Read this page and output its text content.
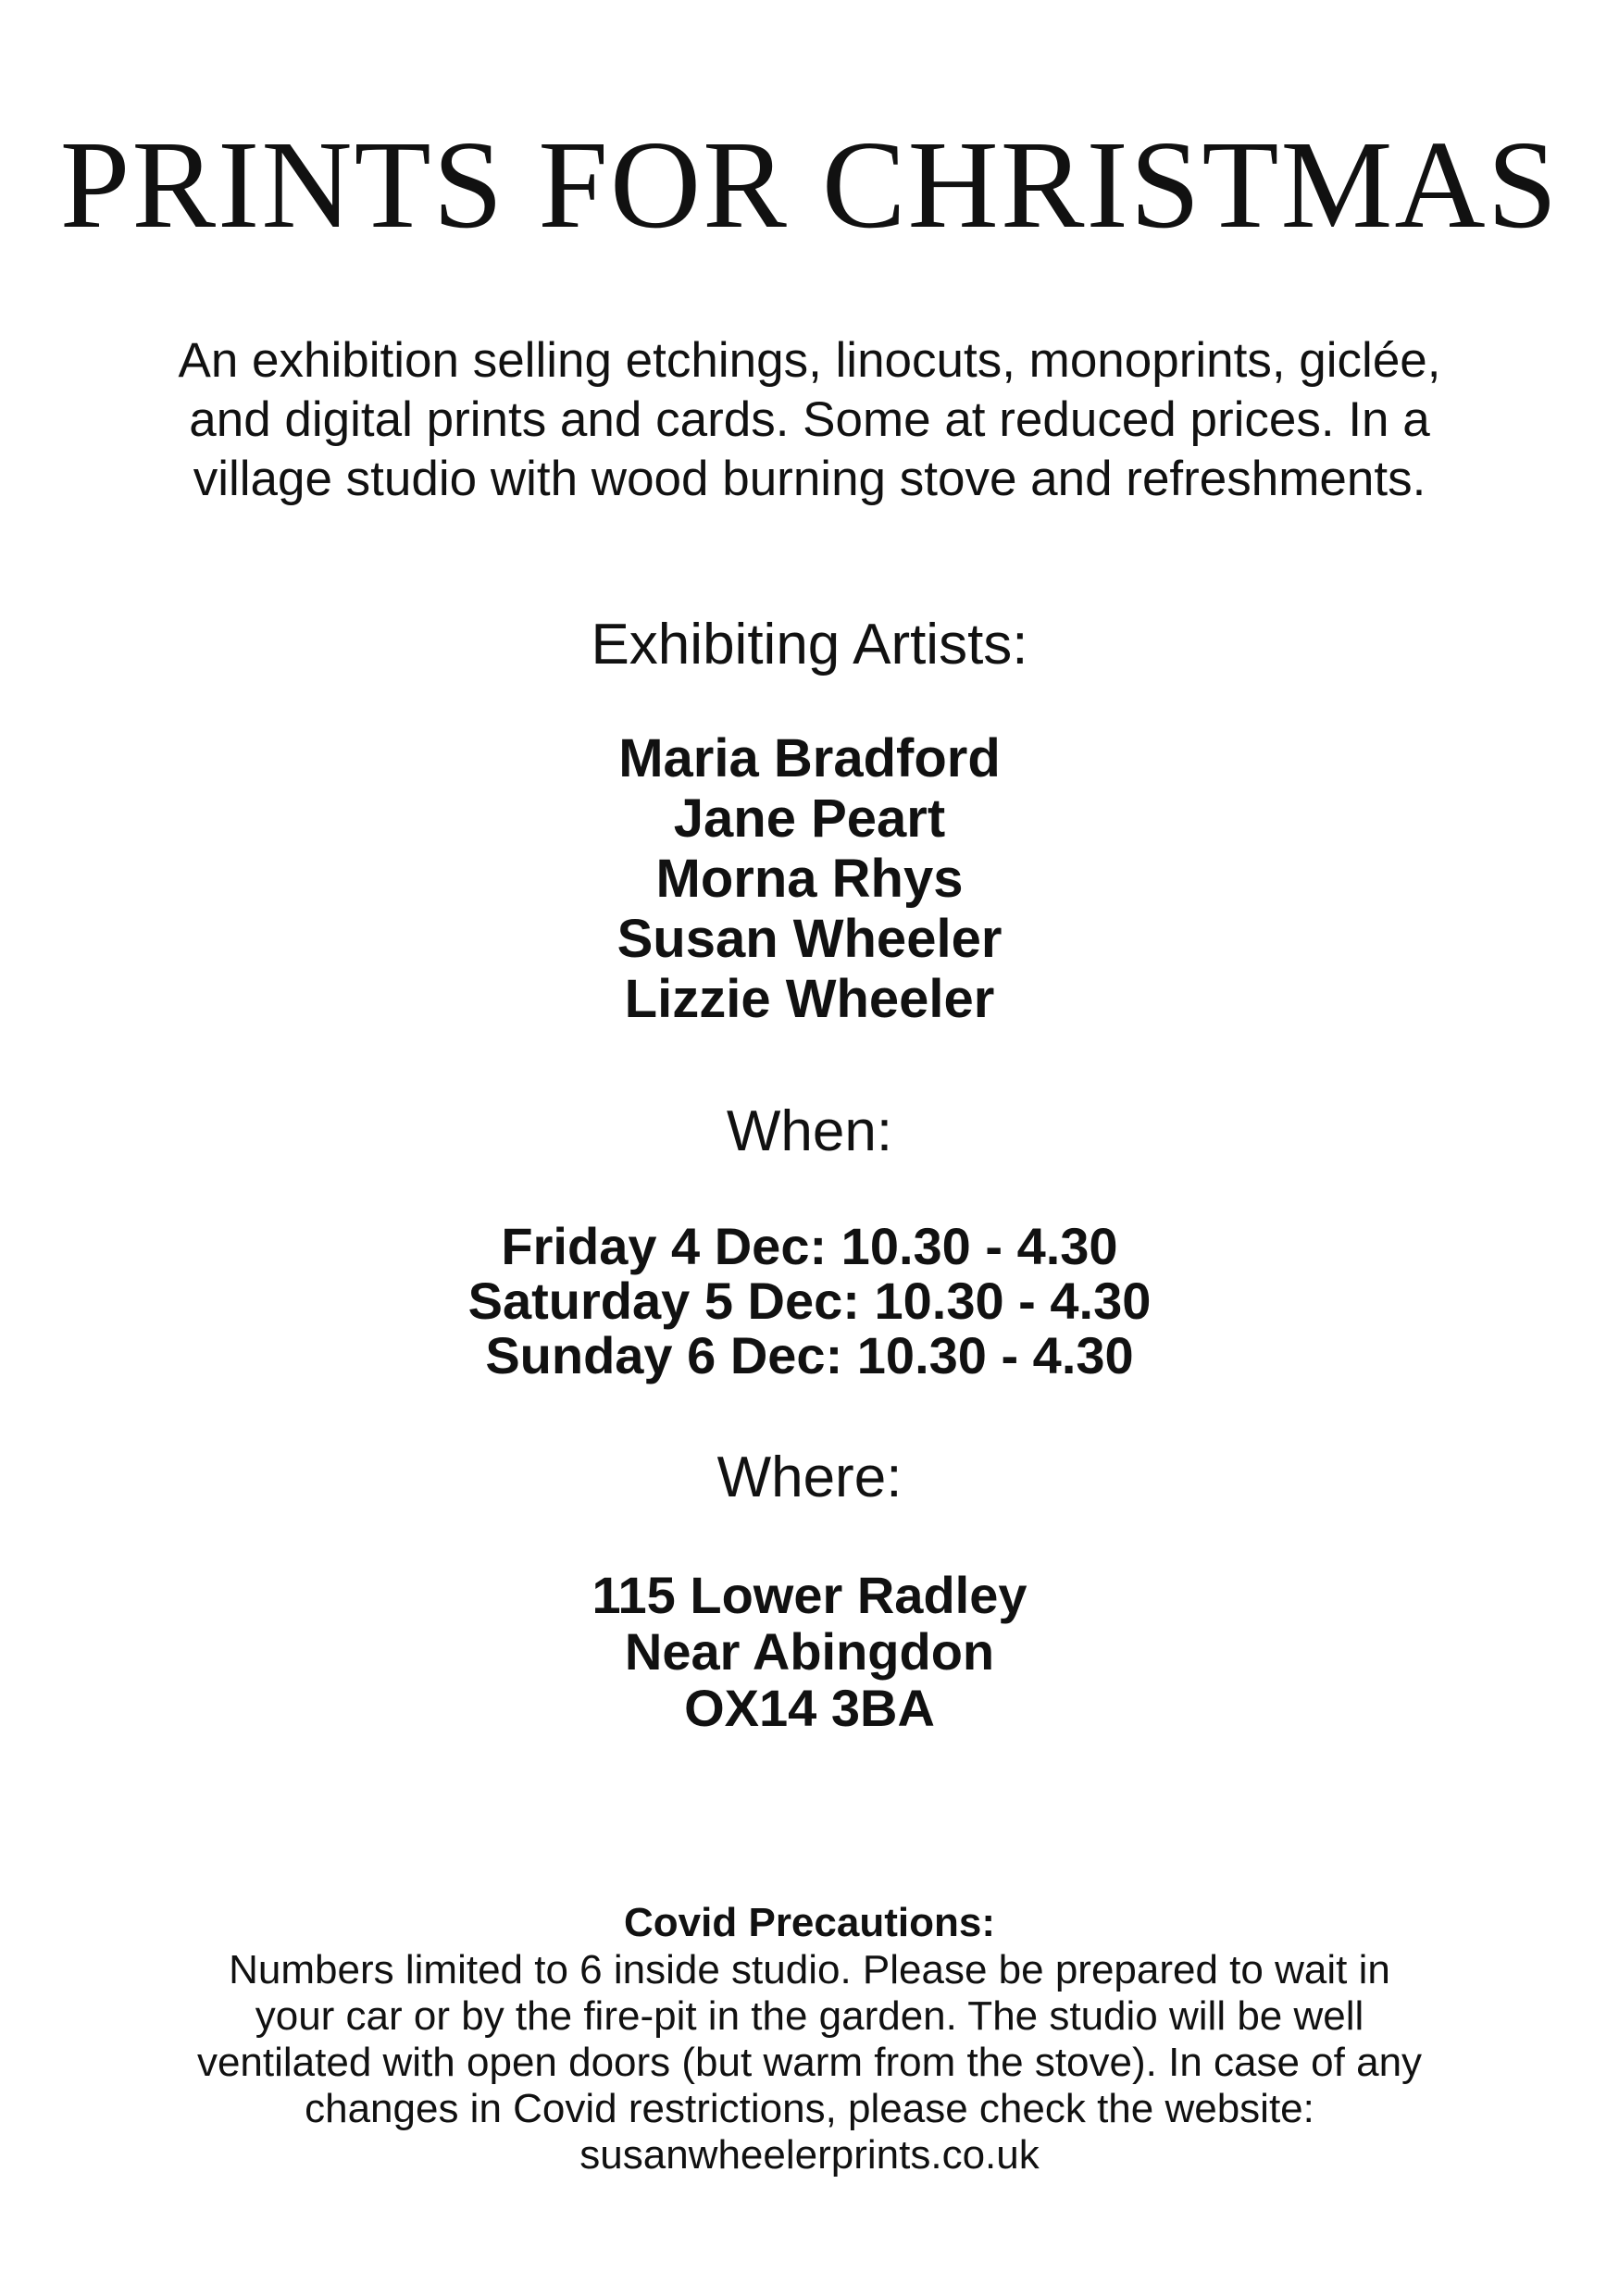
PRINTS FOR CHRISTMAS
An exhibition selling etchings, linocuts, monoprints, giclée,
and digital prints and cards. Some at reduced prices. In a
village studio with wood burning stove and refreshments.
Exhibiting Artists:
Maria Bradford
Jane Peart
Morna Rhys
Susan Wheeler
Lizzie Wheeler
When:
Friday 4 Dec: 10.30 - 4.30
Saturday 5 Dec: 10.30 - 4.30
Sunday 6 Dec: 10.30 - 4.30
Where:
115 Lower Radley
Near Abingdon
OX14 3BA
Covid Precautions:
Numbers limited to 6 inside studio. Please be prepared to wait in
your car or by the fire-pit in the garden. The studio will be well
ventilated with open doors (but warm from the stove). In case of any
changes in Covid restrictions, please check the website:
susanwheelerprints.co.uk
